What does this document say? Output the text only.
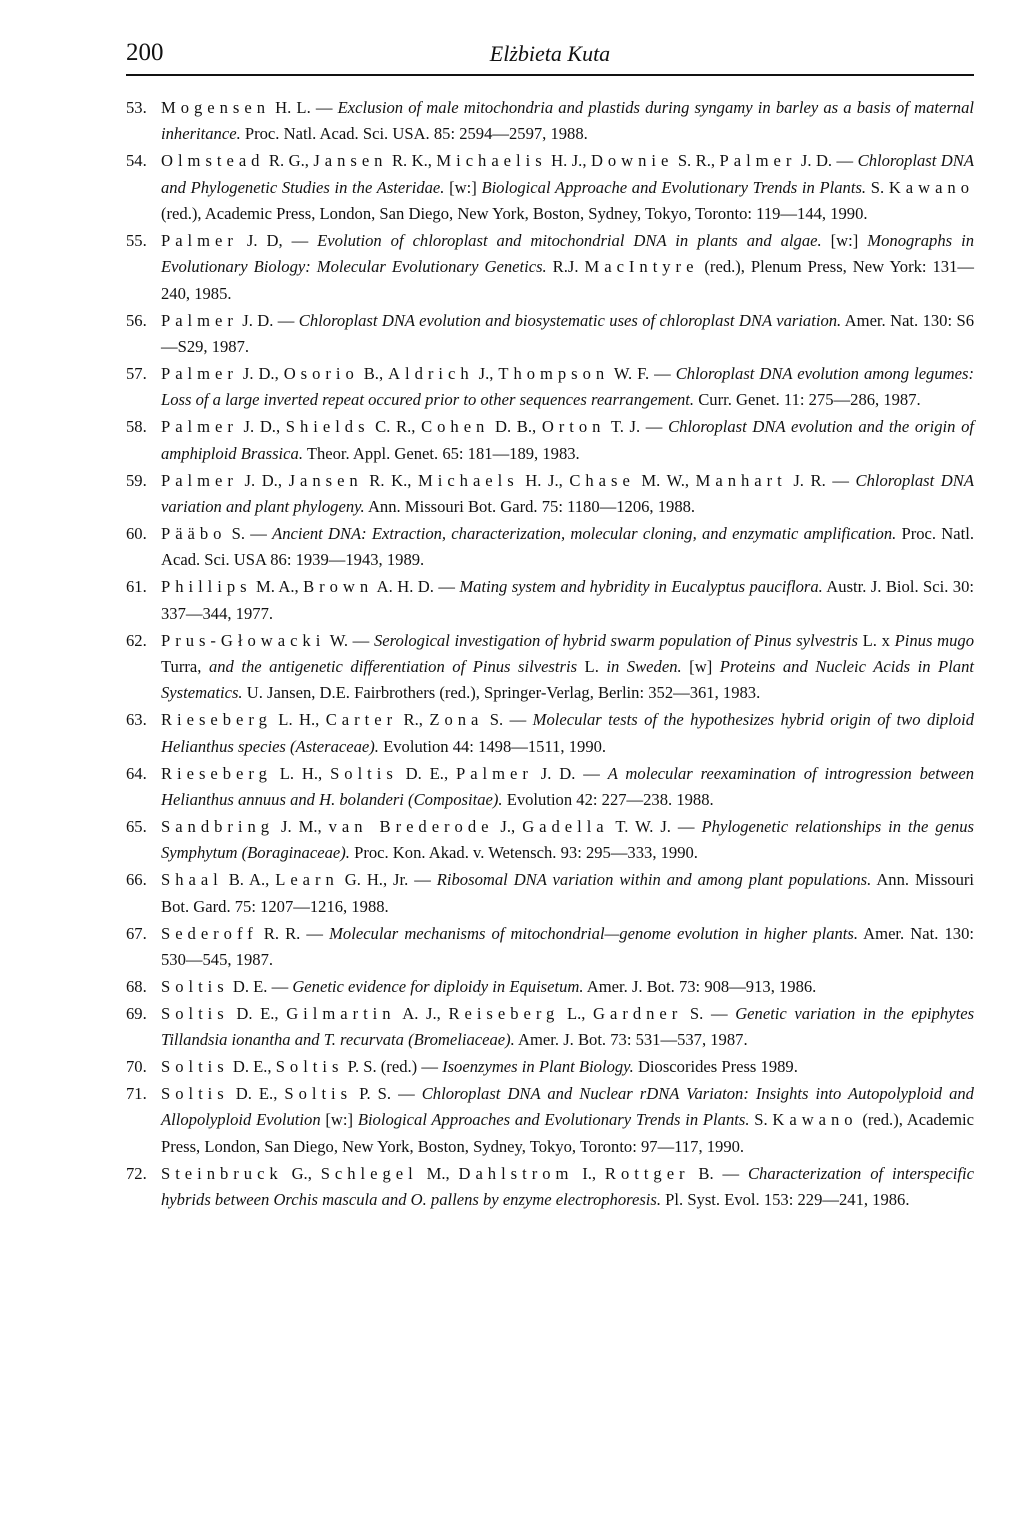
200	Elżbieta Kuta
53. Mogensen H. L. — Exclusion of male mitochondria and plastids during syngamy in barley as a basis of maternal inheritance. Proc. Natl. Acad. Sci. USA. 85: 2594—2597, 1988.
54. Olmstead R. G., Jansen R. K., Michaelis H. J., Downie S. R., Palmer J. D. — Chloroplast DNA and Phylogenetic Studies in the Asteridae. [w:] Biological Approache and Evolutionary Trends in Plants. S. Kawano (red.), Academic Press, London, San Diego, New York, Boston, Sydney, Tokyo, Toronto: 119—144, 1990.
55. Palmer J. D, — Evolution of chloroplast and mitochondrial DNA in plants and algae. [w:] Monographs in Evolutionary Biology: Molecular Evolutionary Genetics. R.J. MacIntyre (red.), Plenum Press, New York: 131—240, 1985.
56. Palmer J. D. — Chloroplast DNA evolution and biosystematic uses of chloroplast DNA variation. Amer. Nat. 130: S6—S29, 1987.
57. Palmer J. D., Osorio B., Aldrich J., Thompson W. F. — Chloroplast DNA evolution among legumes: Loss of a large inverted repeat occured prior to other sequences rearrangement. Curr. Genet. 11: 275—286, 1987.
58. Palmer J. D., Shields C. R., Cohen D. B., Orton T. J. — Chloroplast DNA evolution and the origin of amphiploid Brassica. Theor. Appl. Genet. 65: 181—189, 1983.
59. Palmer J. D., Jansen R. K., Michaels H. J., Chase M. W., Manhart J. R. — Chloroplast DNA variation and plant phylogeny. Ann. Missouri Bot. Gard. 75: 1180—1206, 1988.
60. Pääbo S. — Ancient DNA: Extraction, characterization, molecular cloning, and enzymatic amplification. Proc. Natl. Acad. Sci. USA 86: 1939—1943, 1989.
61. Phillips M. A., Brown A. H. D. — Mating system and hybridity in Eucalyptus pauciflora. Austr. J. Biol. Sci. 30: 337—344, 1977.
62. Prus-Głowacki W. — Serological investigation of hybrid swarm population of Pinus sylvestris L. x Pinus mugo Turra, and the antigenetic differentiation of Pinus silvestris L. in Sweden. [w] Proteins and Nucleic Acids in Plant Systematics. U. Jansen, D.E. Fairbrothers (red.), Springer-Verlag, Berlin: 352—361, 1983.
63. Rieseberg L. H., Carter R., Zona S. — Molecular tests of the hypothesizes hybrid origin of two diploid Helianthus species (Asteraceae). Evolution 44: 1498—1511, 1990.
64. Rieseberg L. H., Soltis D. E., Palmer J. D. — A molecular reexamination of introgression between Helianthus annuus and H. bolanderi (Compositae). Evolution 42: 227—238. 1988.
65. Sandbring J. M., van Brederode J., Gadella T. W. J. — Phylogenetic relationships in the genus Symphytum (Boraginaceae). Proc. Kon. Akad. v. Wetensch. 93: 295—333, 1990.
66. Shaal B. A., Learn G. H., Jr. — Ribosomal DNA variation within and among plant populations. Ann. Missouri Bot. Gard. 75: 1207—1216, 1988.
67. Sederoff R. R. — Molecular mechanisms of mitochondrial—genome evolution in higher plants. Amer. Nat. 130: 530—545, 1987.
68. Soltis D. E. — Genetic evidence for diploidy in Equisetum. Amer. J. Bot. 73: 908—913, 1986.
69. Soltis D. E., Gilmartin A. J., Reiseberg L., Gardner S. — Genetic variation in the epiphytes Tillandsia ionantha and T. recurvata (Bromeliaceae). Amer. J. Bot. 73: 531—537, 1987.
70. Soltis D. E., Soltis P. S. (red.) — Isoenzymes in Plant Biology. Dioscorides Press 1989.
71. Soltis D. E., Soltis P. S. — Chloroplast DNA and Nuclear rDNA Variaton: Insights into Autopolyploid and Allopolyploid Evolution [w:] Biological Approaches and Evolutionary Trends in Plants. S. Kawano (red.), Academic Press, London, San Diego, New York, Boston, Sydney, Tokyo, Toronto: 97—117, 1990.
72. Steinbruck G., Schlegel M., Dahlstrom I., Rottger B. — Characterization of interspecific hybrids between Orchis mascula and O. pallens by enzyme electrophoresis. Pl. Syst. Evol. 153: 229—241, 1986.
